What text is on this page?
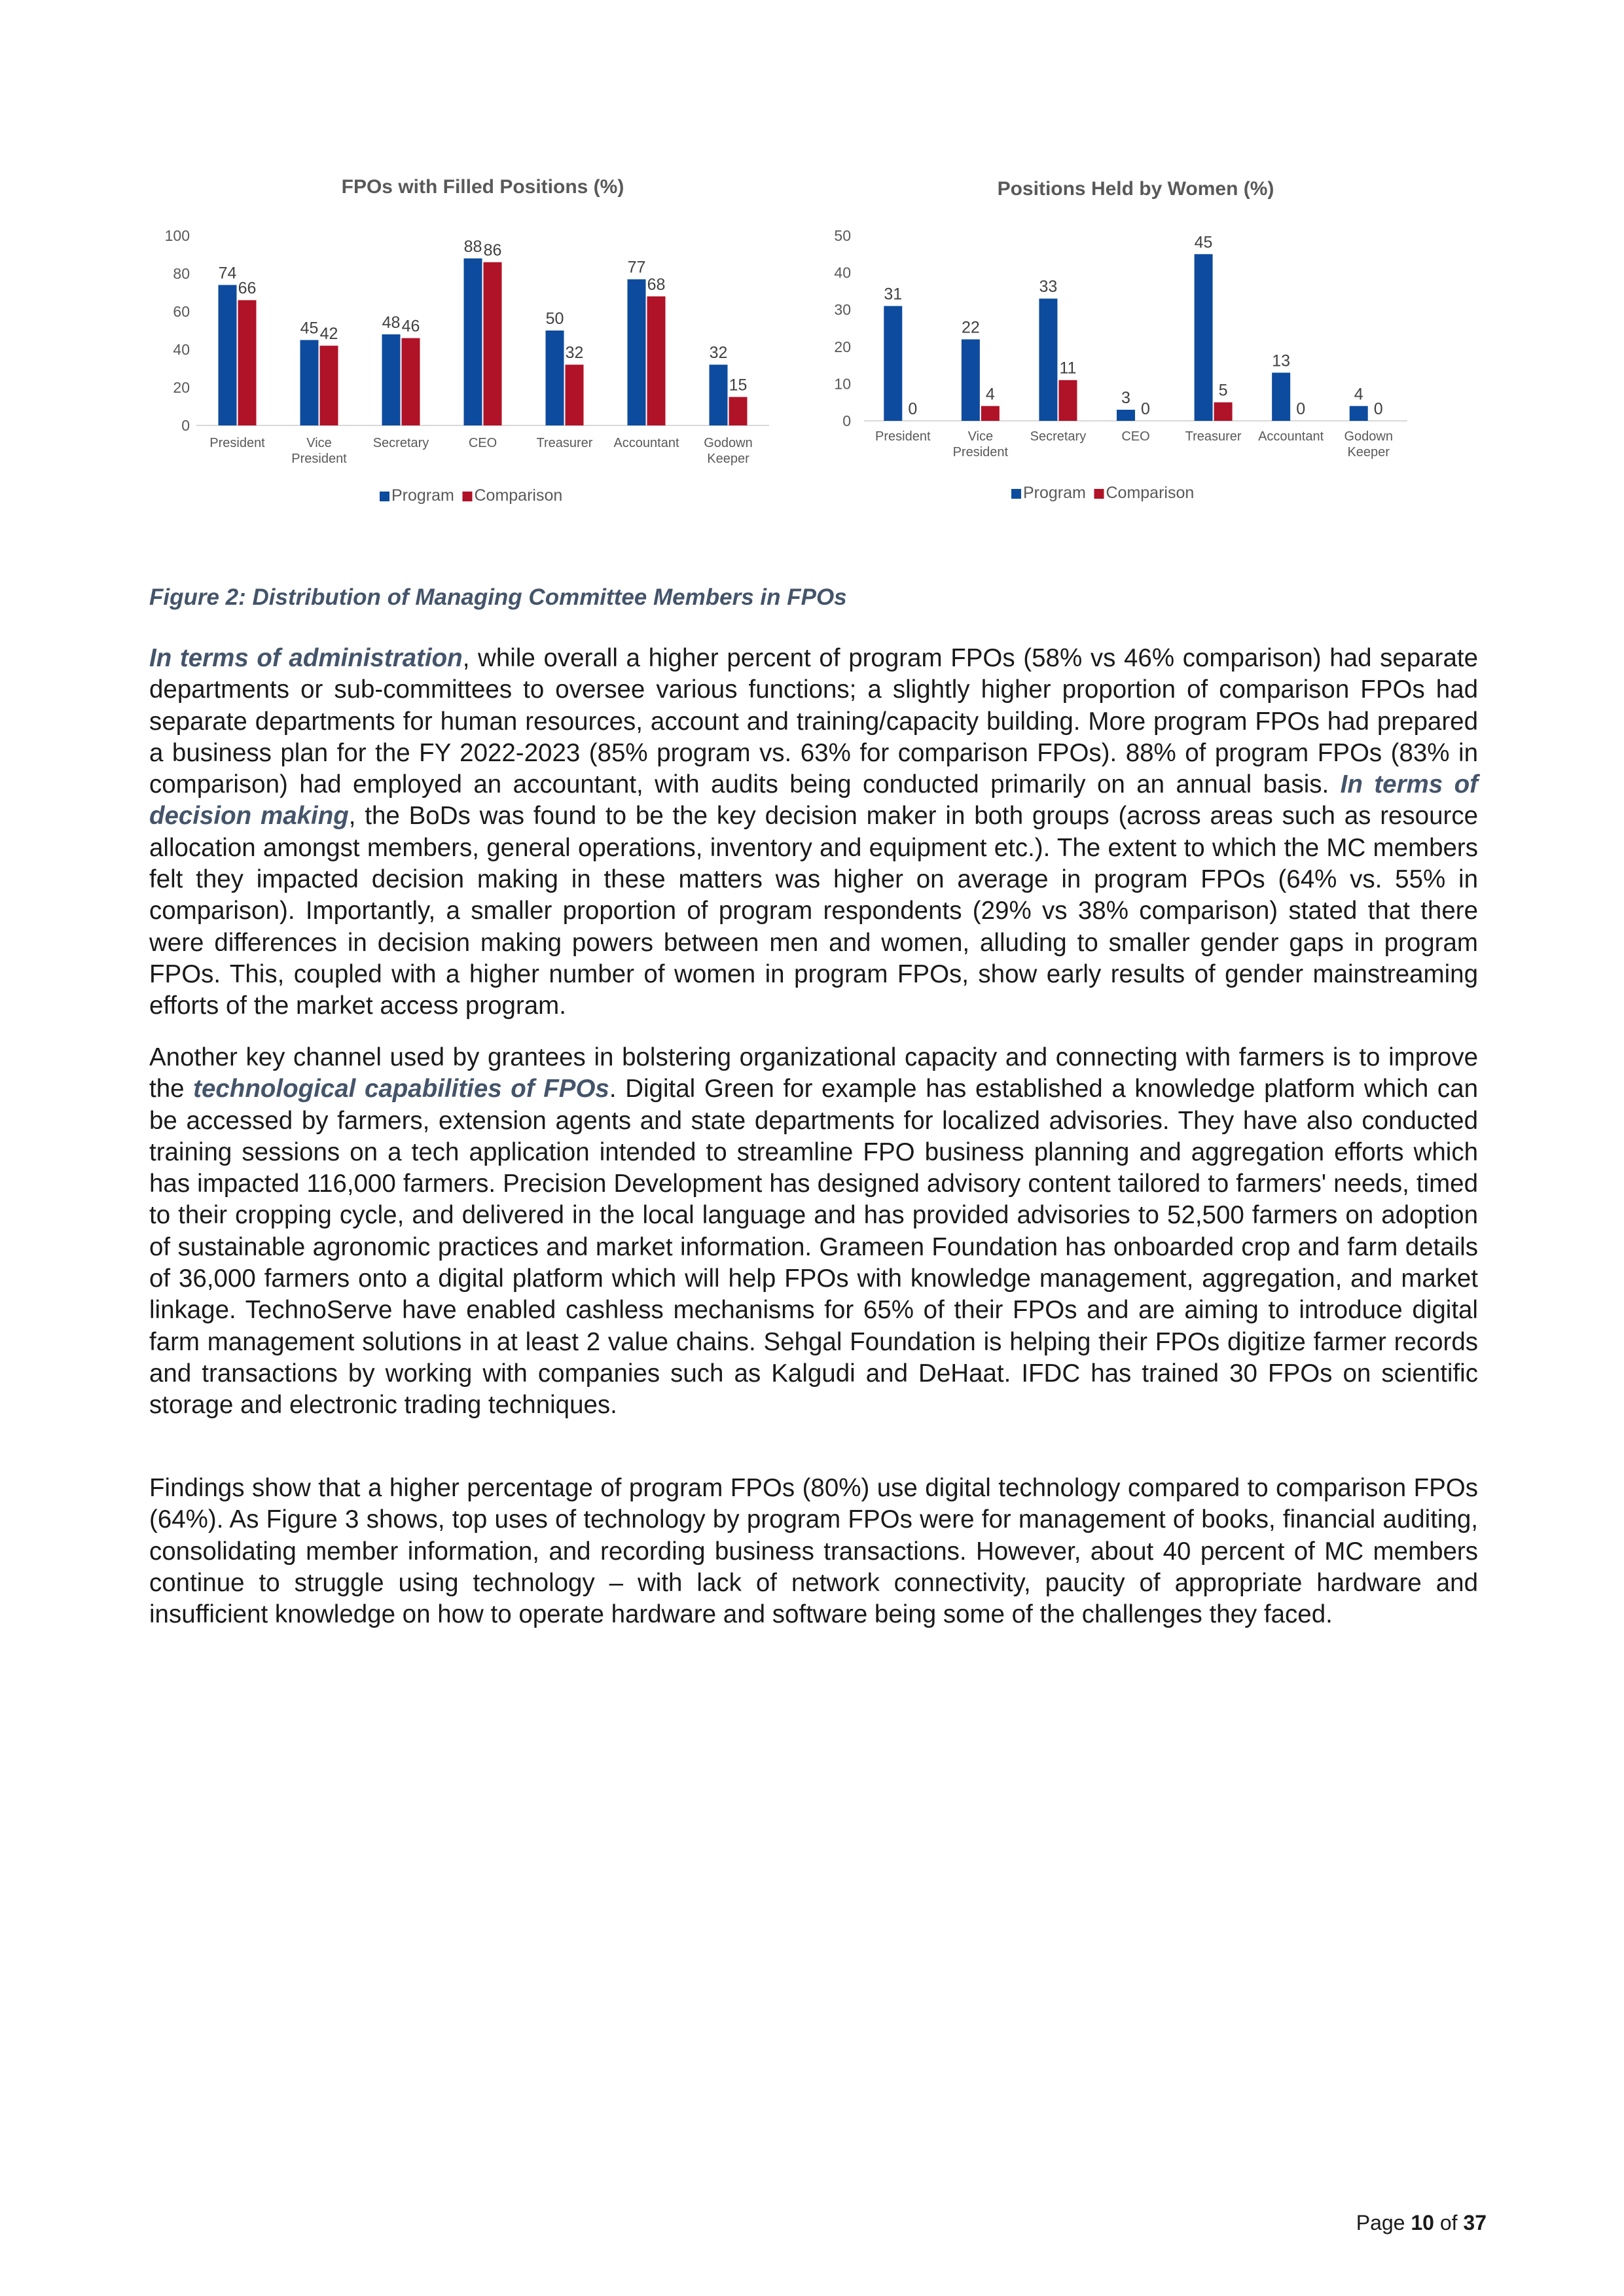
FPOs with Filled Positions (%)
0
20
40
60
80
100
74
66
President
45 42
Vice President
48 46
Secretary
88 86
CEO
50
32
Treasurer
77
68
Accountant
32
15
Godown Keeper
Program Comparison
Positions Held by Women (%)
0
10
20
30
40
50
31
0
President
22
4
Vice President
33
11
Secretary
3
0
CEO
45
5
Treasurer
13
0
Accountant
4
0
Godown Keeper
Program Comparison

Figure 2: Distribution of Managing Committee Members in FPOs

In terms of administration, while overall a higher percent of program FPOs (58% vs 46% comparison) had separate departments or sub-committees to oversee various functions; a slightly higher proportion of comparison FPOs had separate departments for human resources, account and training/capacity building. More program FPOs had prepared a business plan for the FY 2022-2023 (85% program vs. 63% for comparison FPOs). 88% of program FPOs (83% in comparison) had employed an accountant, with audits being conducted primarily on an annual basis. In terms of decision making, the BoDs was found to be the key decision maker in both groups (across areas such as resource allocation amongst members, general operations, inventory and equipment etc.). The extent to which the MC members felt they impacted decision making in these matters was higher on average in program FPOs (64% vs. 55% in comparison). Importantly, a smaller proportion of program respondents (29% vs 38% comparison) stated that there were differences in decision making powers between men and women, alluding to smaller gender gaps in program FPOs. This, coupled with a higher number of women in program FPOs, show early results of gender mainstreaming efforts of the market access program.

Another key channel used by grantees in bolstering organizational capacity and connecting with farmers is to improve the technological capabilities of FPOs. Digital Green for example has established a knowledge platform which can be accessed by farmers, extension agents and state departments for localized advisories. They have also conducted training sessions on a tech application intended to streamline FPO business planning and aggregation efforts which has impacted 116,000 farmers. Precision Development has designed advisory content tailored to farmers' needs, timed to their cropping cycle, and delivered in the local language and has provided advisories to 52,500 farmers on adoption of sustainable agronomic practices and market information. Grameen Foundation has onboarded crop and farm details of 36,000 farmers onto a digital platform which will help FPOs with knowledge management, aggregation, and market linkage. TechnoServe have enabled cashless mechanisms for 65% of their FPOs and are aiming to introduce digital farm management solutions in at least 2 value chains. Sehgal Foundation is helping their FPOs digitize farmer records and transactions by working with companies such as Kalgudi and DeHaat. IFDC has trained 30 FPOs on scientific storage and electronic trading techniques.

Findings show that a higher percentage of program FPOs (80%) use digital technology compared to comparison FPOs (64%). As Figure 3 shows, top uses of technology by program FPOs were for management of books, financial auditing, consolidating member information, and recording business transactions. However, about 40 percent of MC members continue to struggle using technology – with lack of network connectivity, paucity of appropriate hardware and insufficient knowledge on how to operate hardware and software being some of the challenges they faced.

Page 10 of 37
